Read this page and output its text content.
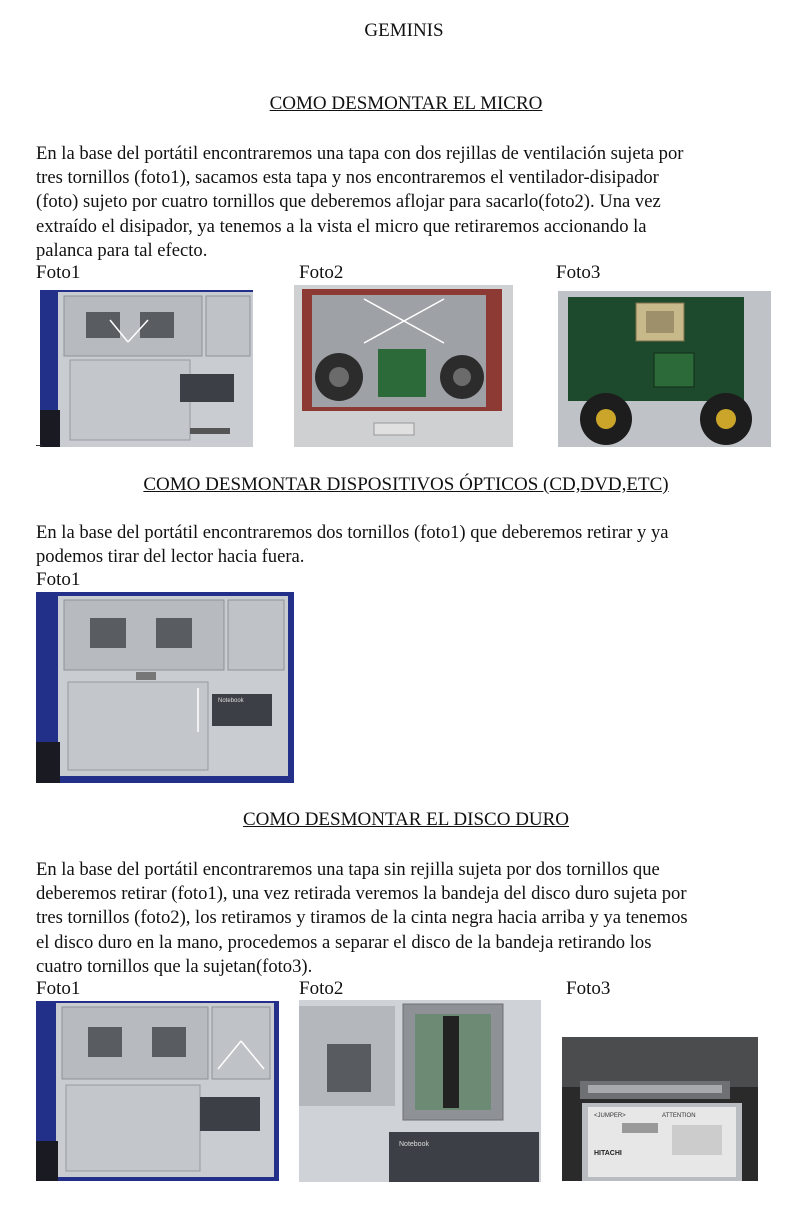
GEMINIS
COMO DESMONTAR EL MICRO
En la base del portátil encontraremos una tapa con dos rejillas de ventilación sujeta por
tres tornillos (foto1), sacamos esta tapa y nos encontraremos el ventilador-disipador
(foto) sujeto por cuatro tornillos que deberemos aflojar para sacarlo(foto2). Una vez
extraído el disipador, ya tenemos a la vista el micro que retiraremos accionando la
palanca para tal efecto.
Foto1	Foto2	Foto3
COMO DESMONTAR DISPOSITIVOS ÓPTICOS (CD,DVD,ETC)
En la base del portátil encontraremos dos tornillos (foto1) que deberemos retirar y ya
podemos tirar del lector hacia fuera.
Foto1
Notebook
COMO DESMONTAR EL DISCO DURO
En la base del portátil encontraremos una tapa sin rejilla sujeta por dos tornillos que
deberemos retirar (foto1), una vez retirada veremos la bandeja del disco duro sujeta por
tres tornillos (foto2), los retiramos y tiramos de la cinta negra hacia arriba y ya tenemos
el disco duro en la mano, procedemos a separar el disco de la bandeja retirando los
cuatro tornillos que la sujetan(foto3).
Foto1	Foto2	Foto3
Notebook
<JUMPER>	ATTENTION
HITACHI
